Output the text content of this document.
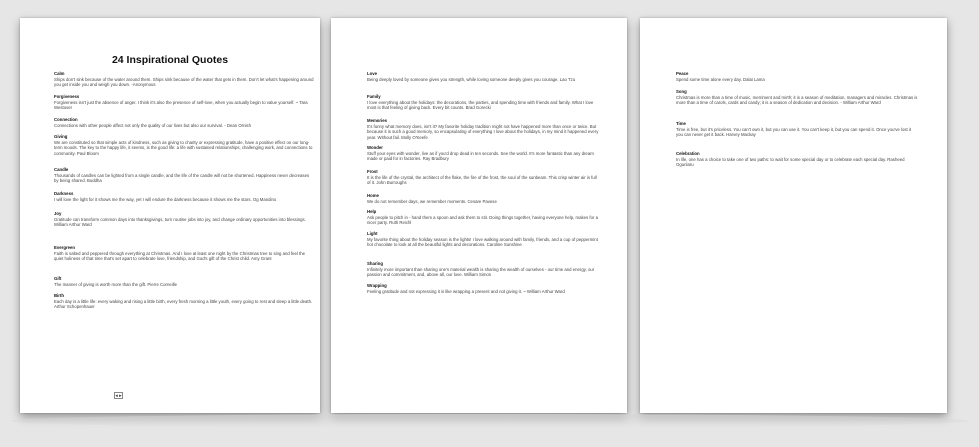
24 Inspirational Quotes
Calm
Ships don't sink because of the water around them. Ships sink because of the water that gets in them. Don't let what's happening around you get inside you and weigh you down. -Anonymous
Forgiveness
Forgiveness isn't just the absence of anger. I think it's also the presence of self-love, when you actually begin to value yourself. ~ Tara Westover
Connection
Connections with other people affect not only the quality of our lives but also our survival. - Dean Ornish
Giving
We are constituted so that simple acts of kindness, such as giving to charity or expressing gratitude, have a positive effect on our long-term moods. The key to the happy life, it seems, is the good life: a life with sustained relationships, challenging work, and connections to community. Paul Bloom
Candle
Thousands of candles can be lighted from a single candle, and the life of the candle will not be shortened. Happiness never decreases by being shared. Buddha
Darkness
I will love the light for it shows me the way, yet I will endure the darkness because it shows me the stars. Og Mandino
Joy
Gratitude can transform common days into thanksgivings, turn routine jobs into joy, and change ordinary opportunities into blessings. William Arthur Ward
Evergreen
Faith is salted and peppered through everything at Christmas. And I love at least one night by the Christmas tree to sing and feel the quiet holiness of that time that's set apart to celebrate love, friendship, and God's gift of the Christ child. Amy Grant
Gift
The manner of giving is worth more than the gift. Pierre Corneille
Birth
Each day is a little life: every waking and rising a little birth, every fresh morning a little youth, every going to rest and sleep a little death. Arthur Schopenhauer
Love
Being deeply loved by someone gives you strength, while loving someone deeply gives you courage. Lao Tzu
Family
I love everything about the holidays: the decorations, the parties, and spending time with friends and family. What I love most is that feeling of giving back. Every bit counts. Brad Gorecki
Memories
It's funny what memory does, isn't it? My favorite holiday tradition might not have happened more than once or twice. But because it is such a good memory, so encapsulating of everything I love about the holidays, in my mind it happened every year. Without fail. Molly O'Keefe
Wonder
Stuff your eyes with wonder, live as if you'd drop dead in ten seconds. See the world. It's more fantastic than any dream made or paid for in factories. Ray Bradbury
Frost
It is the life of the crystal, the architect of the flake, the fire of the frost, the soul of the sunbeam. This crisp winter air is full of it. John Burroughs
Home
We do not remember days, we remember moments. Cesare Pavese
Help
Ask people to pitch in - hand them a spoon and ask them to stir. Doing things together, having everyone help, makes for a nicer party. Ruth Reichl
Light
My favorite thing about the holiday season is the lights! I love walking around with family, friends, and a cup of peppermint hot chocolate to look at all the beautiful lights and decorations. Caroline Sunshine
Sharing
Infinitely more important than sharing one's material wealth is sharing the wealth of ourselves - our time and energy, our passion and commitment, and, above all, our love. William Simon
Wrapping
Feeling gratitude and not expressing it is like wrapping a present and not giving it. ~ William Arthur Ward
Peace
Spend some time alone every day. Dalai Lama
Song
Christmas is more than a time of music, merriment and mirth; it is a season of meditation, managers and miracles. Christmas is more than a time of carols, cards and candy; it is a season of dedication and decision. - William Arthur Ward
Time
Time is free, but it's priceless. You can't own it, but you can use it. You can't keep it, but you can spend it. Once you've lost it you can never get it back. Harvey Mackay
Celebration
In life, one has a choice to take one of two paths: to wait for some special day or to celebrate each special day. Rasheed Ogunlaru
◂ ▸
